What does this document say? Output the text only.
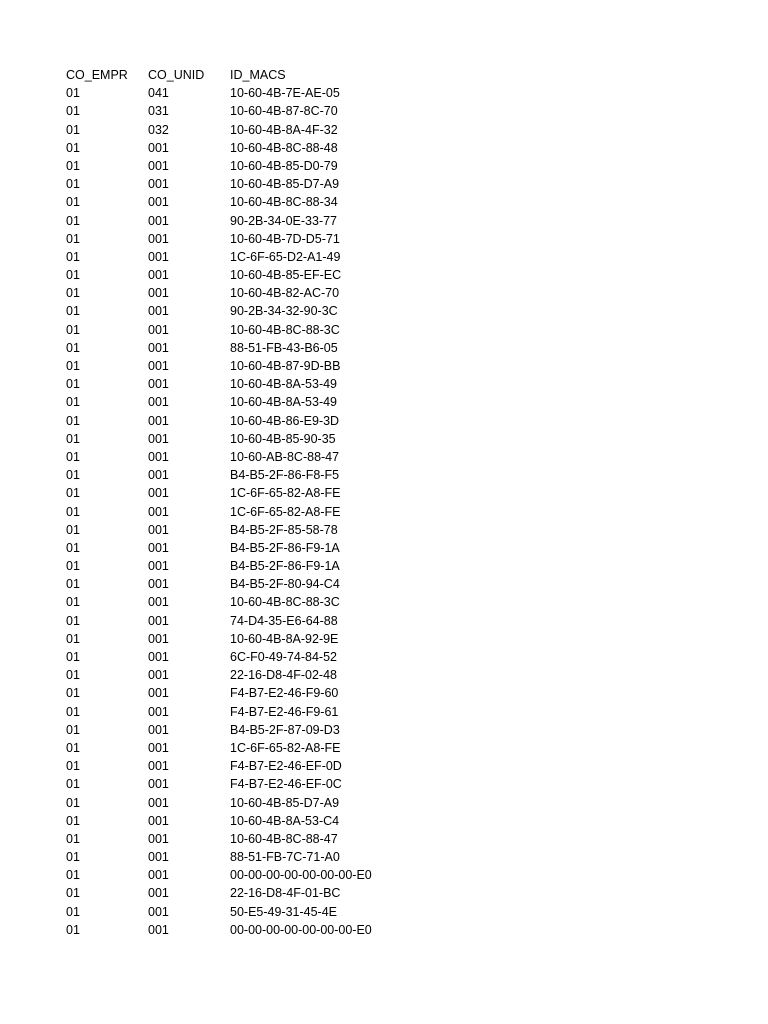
CO_EMPR	CO_UNID	ID_MACS
01	041	10-60-4B-7E-AE-05
01	031	10-60-4B-87-8C-70
01	032	10-60-4B-8A-4F-32
01	001	10-60-4B-8C-88-48
01	001	10-60-4B-85-D0-79
01	001	10-60-4B-85-D7-A9
01	001	10-60-4B-8C-88-34
01	001	90-2B-34-0E-33-77
01	001	10-60-4B-7D-D5-71
01	001	1C-6F-65-D2-A1-49
01	001	10-60-4B-85-EF-EC
01	001	10-60-4B-82-AC-70
01	001	90-2B-34-32-90-3C
01	001	10-60-4B-8C-88-3C
01	001	88-51-FB-43-B6-05
01	001	10-60-4B-87-9D-BB
01	001	10-60-4B-8A-53-49
01	001	10-60-4B-8A-53-49
01	001	10-60-4B-86-E9-3D
01	001	10-60-4B-85-90-35
01	001	10-60-AB-8C-88-47
01	001	B4-B5-2F-86-F8-F5
01	001	1C-6F-65-82-A8-FE
01	001	1C-6F-65-82-A8-FE
01	001	B4-B5-2F-85-58-78
01	001	B4-B5-2F-86-F9-1A
01	001	B4-B5-2F-86-F9-1A
01	001	B4-B5-2F-80-94-C4
01	001	10-60-4B-8C-88-3C
01	001	74-D4-35-E6-64-88
01	001	10-60-4B-8A-92-9E
01	001	6C-F0-49-74-84-52
01	001	22-16-D8-4F-02-48
01	001	F4-B7-E2-46-F9-60
01	001	F4-B7-E2-46-F9-61
01	001	B4-B5-2F-87-09-D3
01	001	1C-6F-65-82-A8-FE
01	001	F4-B7-E2-46-EF-0D
01	001	F4-B7-E2-46-EF-0C
01	001	10-60-4B-85-D7-A9
01	001	10-60-4B-8A-53-C4
01	001	10-60-4B-8C-88-47
01	001	88-51-FB-7C-71-A0
01	001	00-00-00-00-00-00-00-E0
01	001	22-16-D8-4F-01-BC
01	001	50-E5-49-31-45-4E
01	001	00-00-00-00-00-00-00-E0
